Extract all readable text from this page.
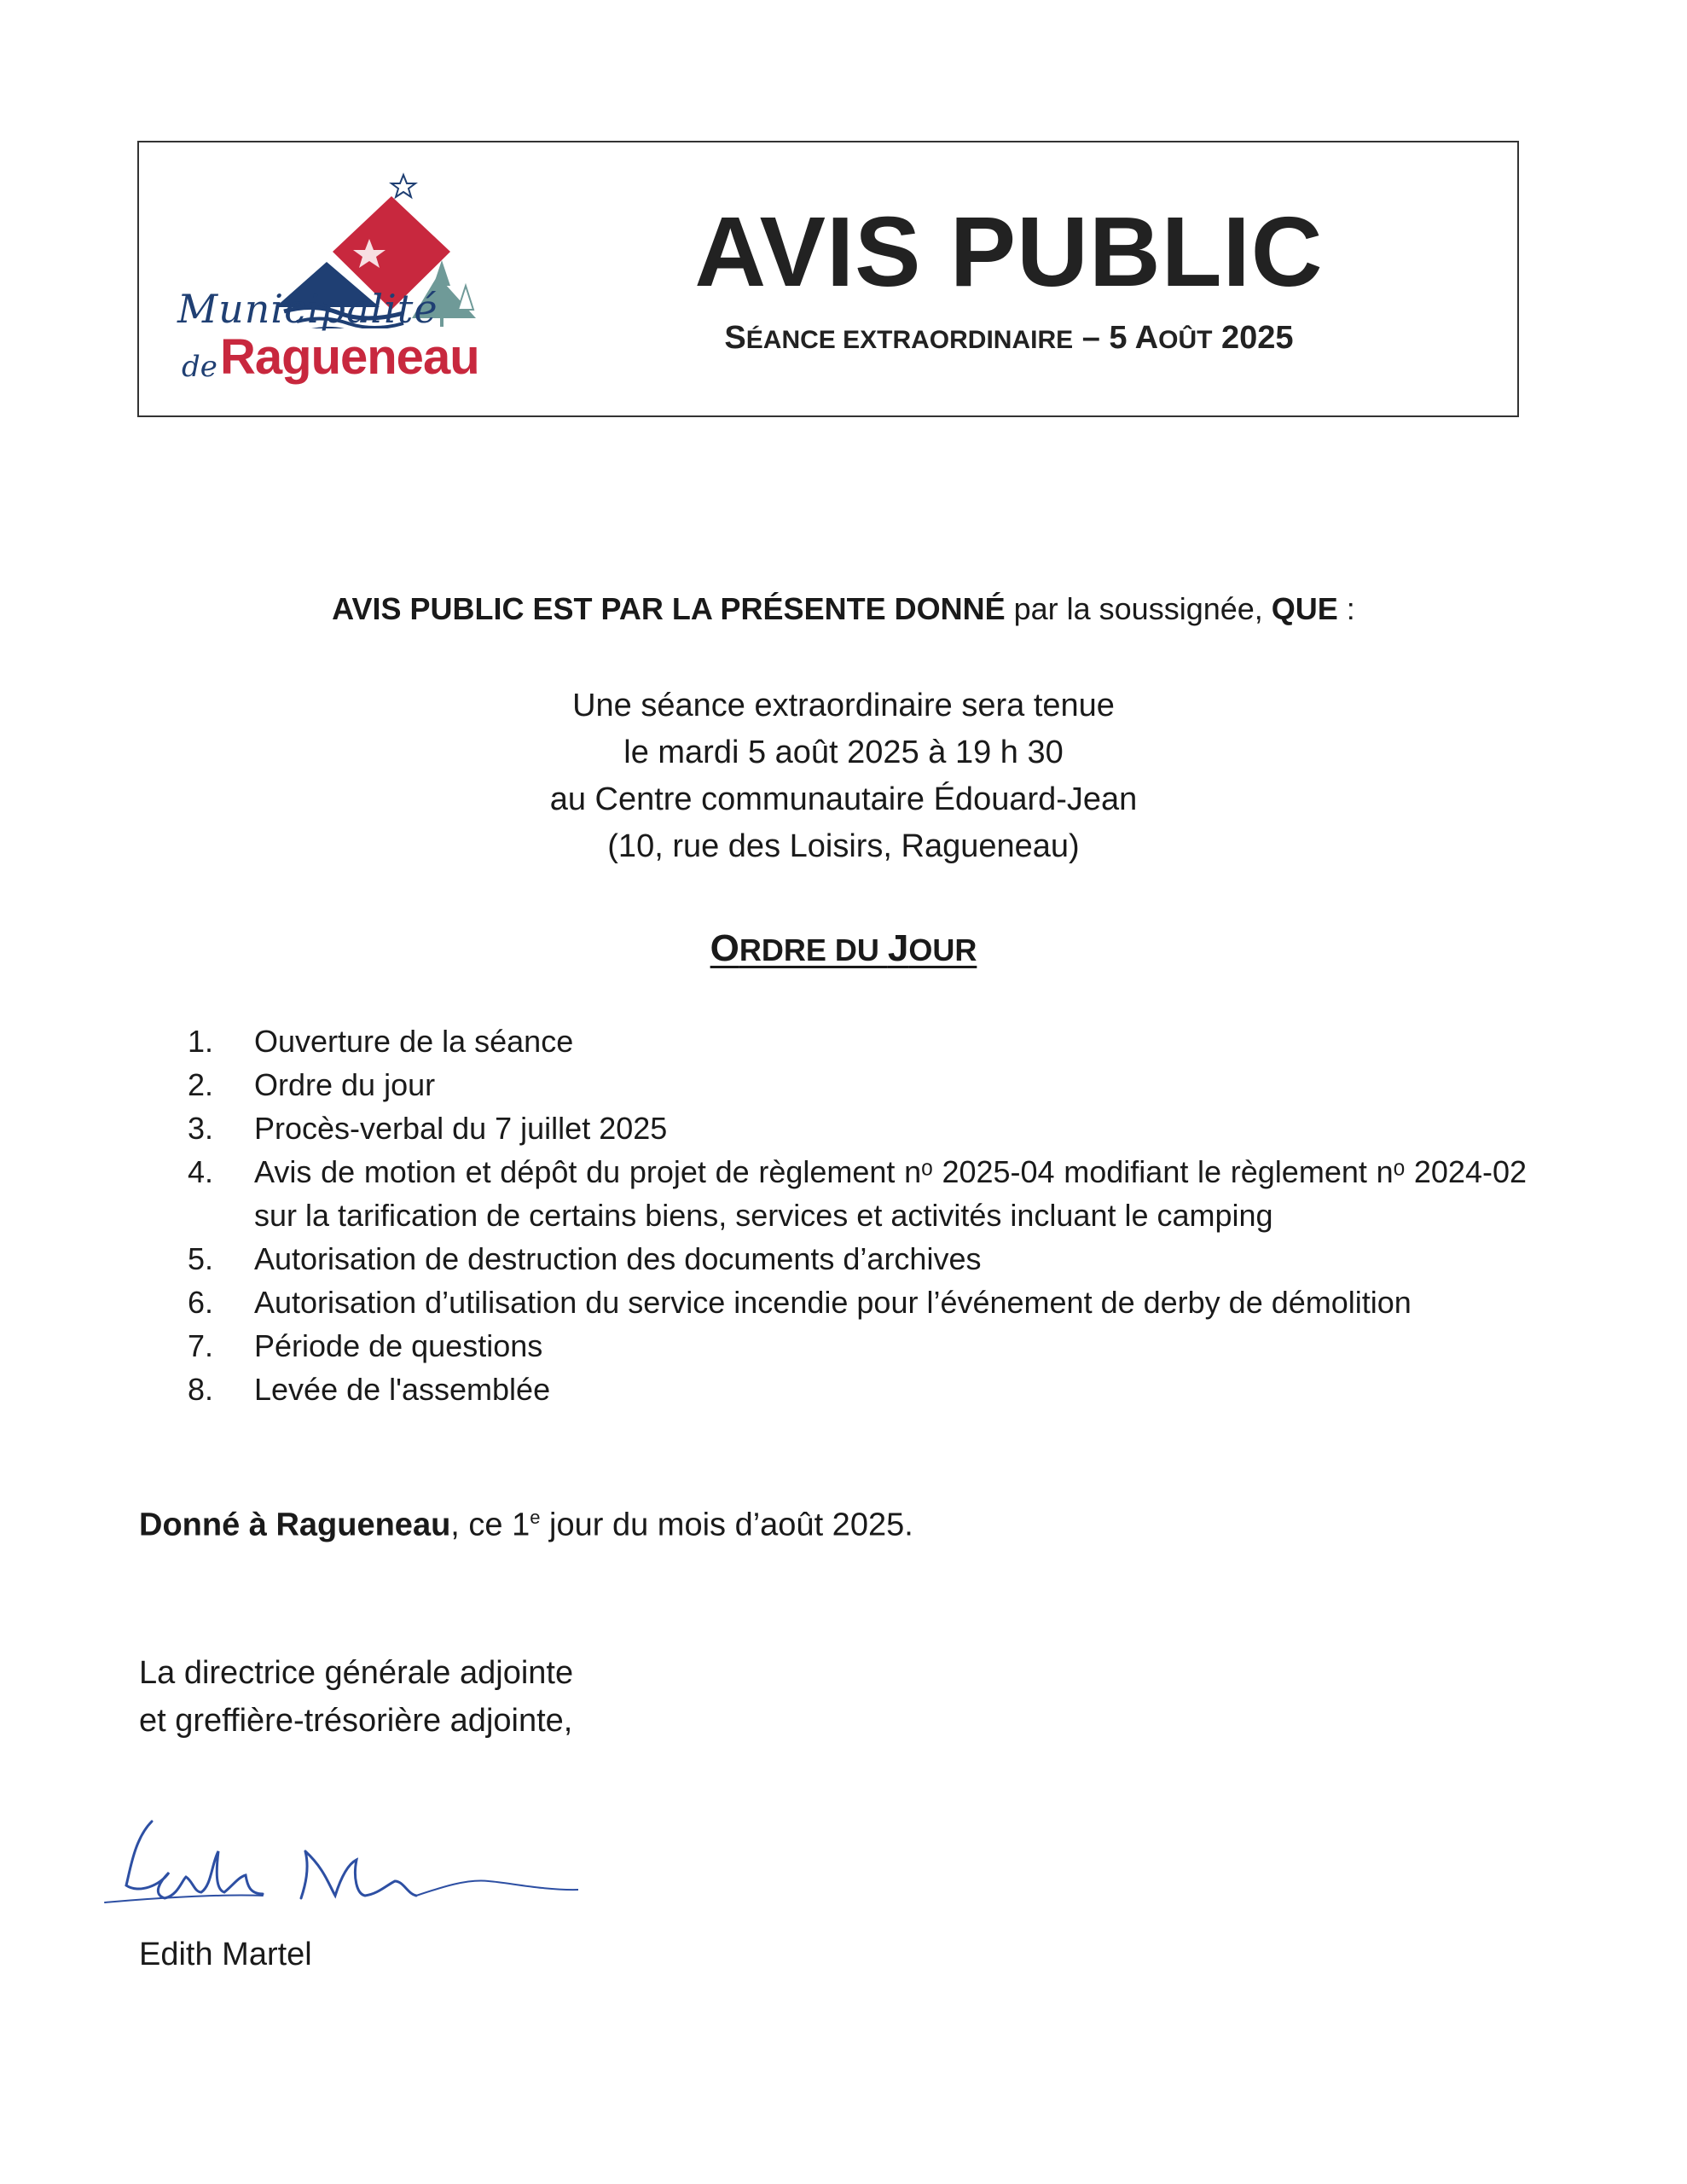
Municipalité
de Ragueneau
AVIS PUBLIC
SÉANCE EXTRAORDINAIRE – 5 AOÛT 2025
AVIS PUBLIC EST PAR LA PRÉSENTE DONNÉ par la soussignée, QUE :
Une séance extraordinaire sera tenue
le mardi 5 août 2025 à 19 h 30
au Centre communautaire Édouard-Jean
(10, rue des Loisirs, Ragueneau)
ORDRE DU JOUR
1. Ouverture de la séance
2. Ordre du jour
3. Procès-verbal du 7 juillet 2025
4. Avis de motion et dépôt du projet de règlement nᵒ 2025-04 modifiant le règlement nᵒ 2024-02 sur la tarification de certains biens, services et activités incluant le camping
5. Autorisation de destruction des documents d’archives
6. Autorisation d’utilisation du service incendie pour l’événement de derby de démolition
7. Période de questions
8. Levée de l'assemblée
Donné à Ragueneau, ce 1e jour du mois d’août 2025.
La directrice générale adjointe
et greffière-trésorière adjointe,
Edith Martel
